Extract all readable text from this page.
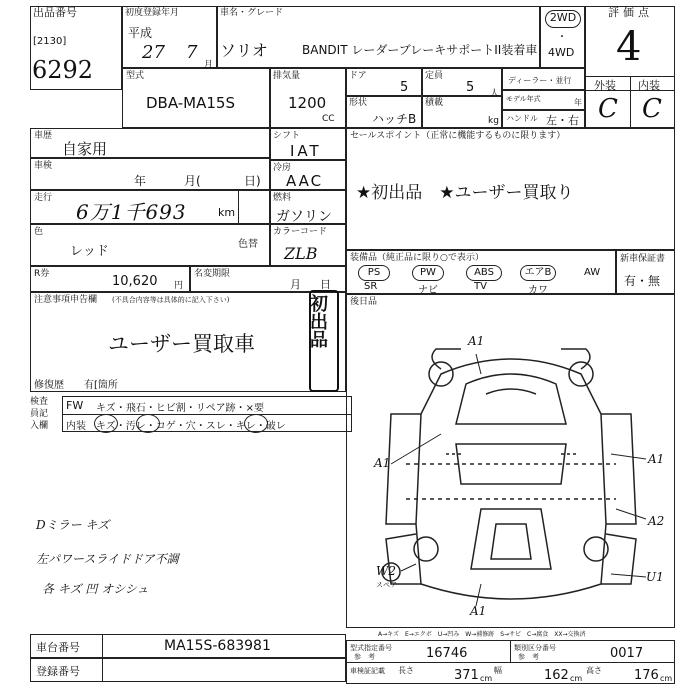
出品番号
[2130]
6292
初度登録年月
平成
27 7
月
車名・グレード
ソリオ	BANDIT レーダーブレーキサポートII装着車
2WD
・
4WD
評価点
4
外装 内装
C C
型式
DBA-MA15S
排気量
1200
CC
ドア
5
定員
5 人
ディーラー・並行
形状
ハッチB
積載
kg
モデル年式	年
ハンドル 左・右
車歴
自家用
シフト
IAT
車検
年	月(	日)
冷房
AAC
走行
6万1千693	km
燃料
ガソリン
色
レッド	色替
カラーコード
ZLB
R券	10,620 円
名変期限
月 日
注意事項申告欄 (不具合内容等は具体的に記入下さい)
ユーザー買取車	初出品
修復歴 有[箇所
検査員記入欄
FW キズ・飛石・ヒビ割・リペア跡・×要
内装 キズ・汚レ・コゲ・穴・スレ・キレ・破レ
Dミラー キズ
左パワースライドドア不調
各 キズ 凹 オシシュ
セールスポイント（正常に機能するものに限ります）
★初出品　★ユーザー買取り
装備品（純正品に限り○で表示）
PS	PW	ABS	エアB	AW
SR	ナビ	TV	カワ
新車保証書
有・無
後日品
A1
A1	A1
A2
U1
W2
A1
スペア
A→キズ　E→エクボ　U→凹み　W→補修跡　S→サビ　C→腐食　XX→交換済
車台番号	MA15S-683981
登録番号
型式指定番号
参　考	16746	類別区分番号
参　考	0017
車検証記載 長さ	371 cm
幅	162 cm
高さ 176 cm
